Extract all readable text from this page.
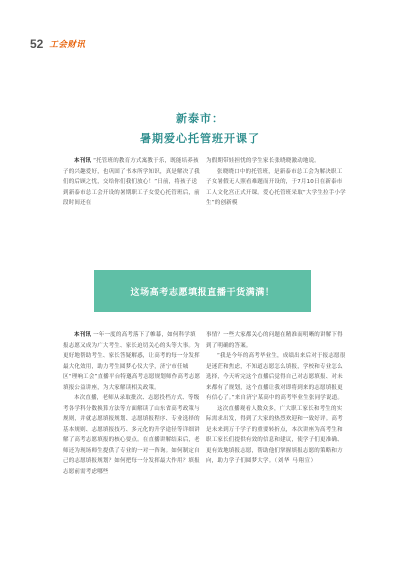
52 工会财讯
新泰市：
暑期爱心托管班开课了

本刊讯 “托管班的教育方式寓教于乐，既能培养孩子的兴趣爱好，也巩固了书本所学知识，真是解决了我们的后顾之忧，交给你们我们放心！”日前，将孩子送到新泰市总工会开设的暑期职工子女爱心托管班后，前段时间还在

为假期带娃担忧的学生家长张晓晓激动地说。

张晓晓口中的托管班，是新泰市总工会为解决职工子女暑假无人照看难题而开设的，于7月10日在新泰市工人文化宫正式开课。爱心托管班采取“大学生拉手小学生”的创新模

这场高考志愿填报直播干货满满！

本刊讯 一年一度的高考落下了帷幕，如何科学填报志愿又成为广大考生、家长迫切关心的头等大事。为更好地帮助考生、家长答疑解惑，让高考的每一分发挥最大化效用，助力考生圆梦心仪大学，济宁市任城区“理响工会”直播平台特邀高考志愿规划师作高考志愿填报公益讲座，为大家解读相关政策。

本次直播，老师从录取批次、志愿投档方式、等级考各学科分数换算方法等方面解读了山东省高考政策与规则，并就志愿填报规划、志愿填报程序、专业选择的基本规则、志愿填报技巧、多元化的升学途径等详细讲解了高考志愿填报的核心要点。在直播讲解结束后，老师还为现场师生提供了专业的一对一咨询。如何制定自己的志愿填报规划？如何把每一分发挥最大作用？填报志愿前需考虑哪些

事情？一些大家都关心的问题在精准而明晰的讲解下得到了明确的答案。

“我是今年的高考毕业生，成绩出来后对于报志愿很是迷茫和焦虑，不知道志愿怎么填报，学校和专业怎么选择，今天听完这个直播后觉得自己对志愿填报、对未来都有了规划，这个直播让我对即将到来的志愿填报更有信心了。”来自济宁某高中的高考毕业生张同学说道。

这次直播观看人数众多，广大职工家长和考生的实际需求出发，得到了大家的热烈欢迎和一致好评。高考是未来到万千学子的重要转折点，本次讲座为高考生和职工家长们提供有效的信息和建议，使学子们更准确、更有效地填报志愿，帮助他们掌握填报志愿的策略和方向，助力学子们圆梦大学。（刘华 马翔宣）
